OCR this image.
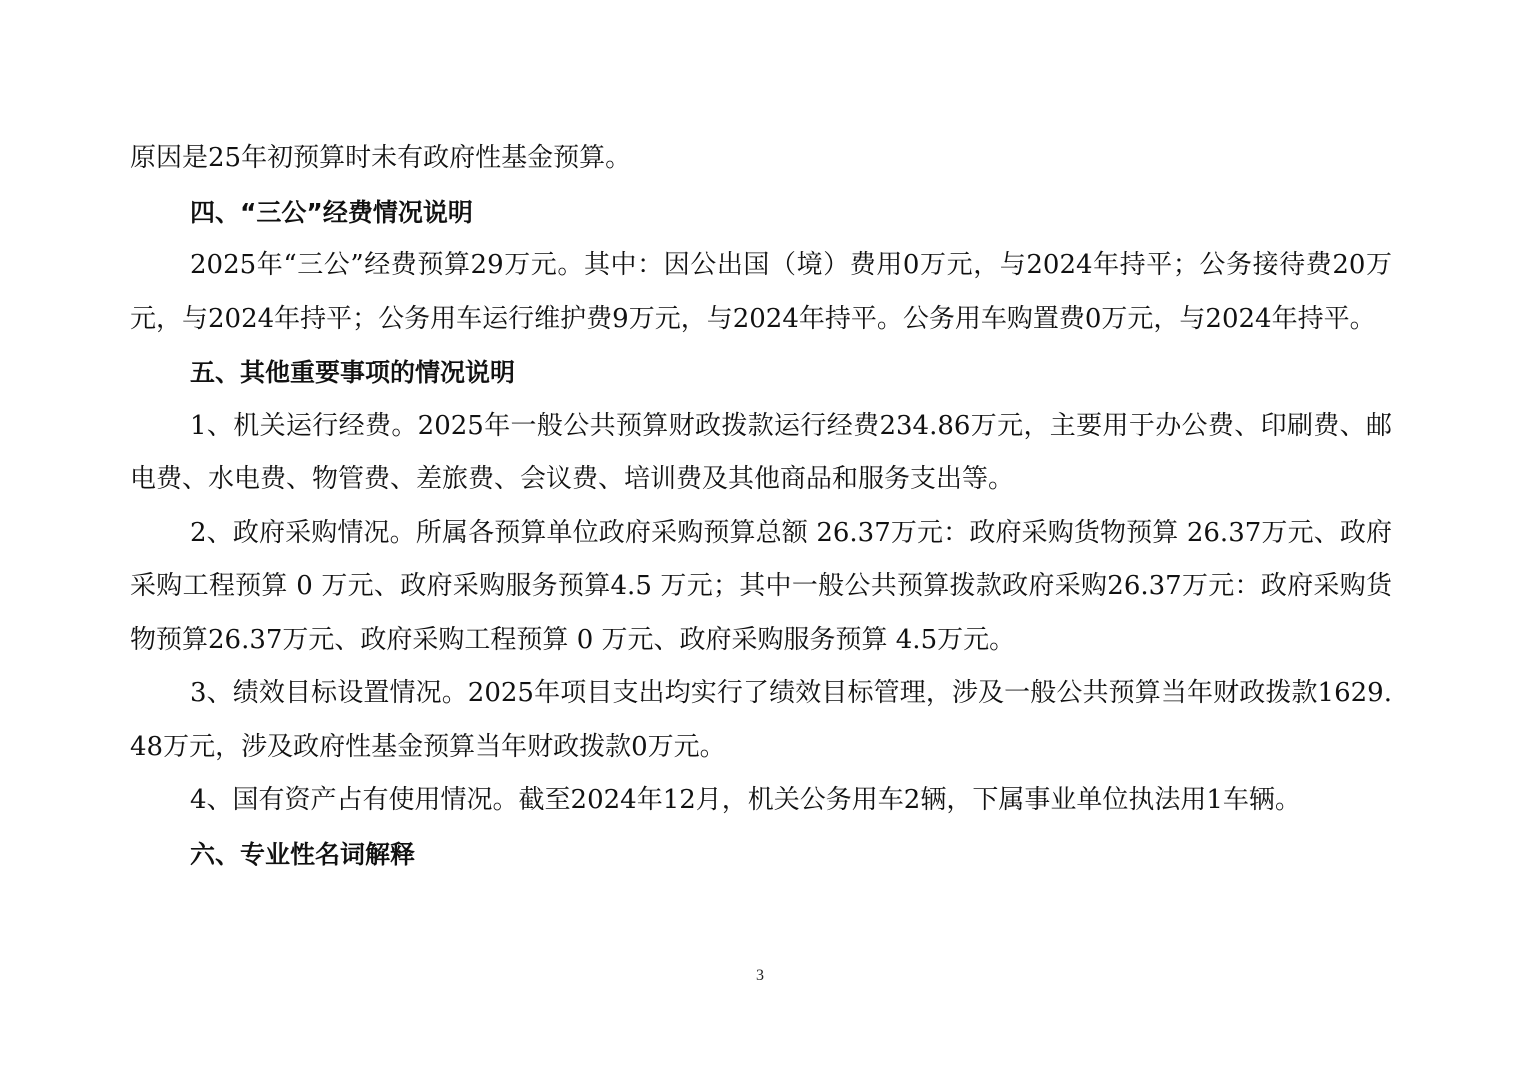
原因是25年初预算时未有政府性基金预算。

四、“三公”经费情况说明

2025年“三公”经费预算29万元。其中：因公出国（境）费用0万元，与2024年持平；公务接待费20万元，与2024年持平；公务用车运行维护费9万元，与2024年持平。公务用车购置费0万元，与2024年持平。

五、其他重要事项的情况说明

1、机关运行经费。2025年一般公共预算财政拨款运行经费234.86万元，主要用于办公费、印刷费、邮电费、水电费、物管费、差旅费、会议费、培训费及其他商品和服务支出等。

2、政府采购情况。所属各预算单位政府采购预算总额 26.37万元：政府采购货物预算 26.37万元、政府采购工程预算 0 万元、政府采购服务预算4.5 万元；其中一般公共预算拨款政府采购26.37万元：政府采购货物预算26.37万元、政府采购工程预算 0 万元、政府采购服务预算 4.5万元。

3、绩效目标设置情况。2025年项目支出均实行了绩效目标管理，涉及一般公共预算当年财政拨款1629.48万元，涉及政府性基金预算当年财政拨款0万元。

4、国有资产占有使用情况。截至2024年12月，机关公务用车2辆，下属事业单位执法用1车辆。

六、专业性名词解释

3
